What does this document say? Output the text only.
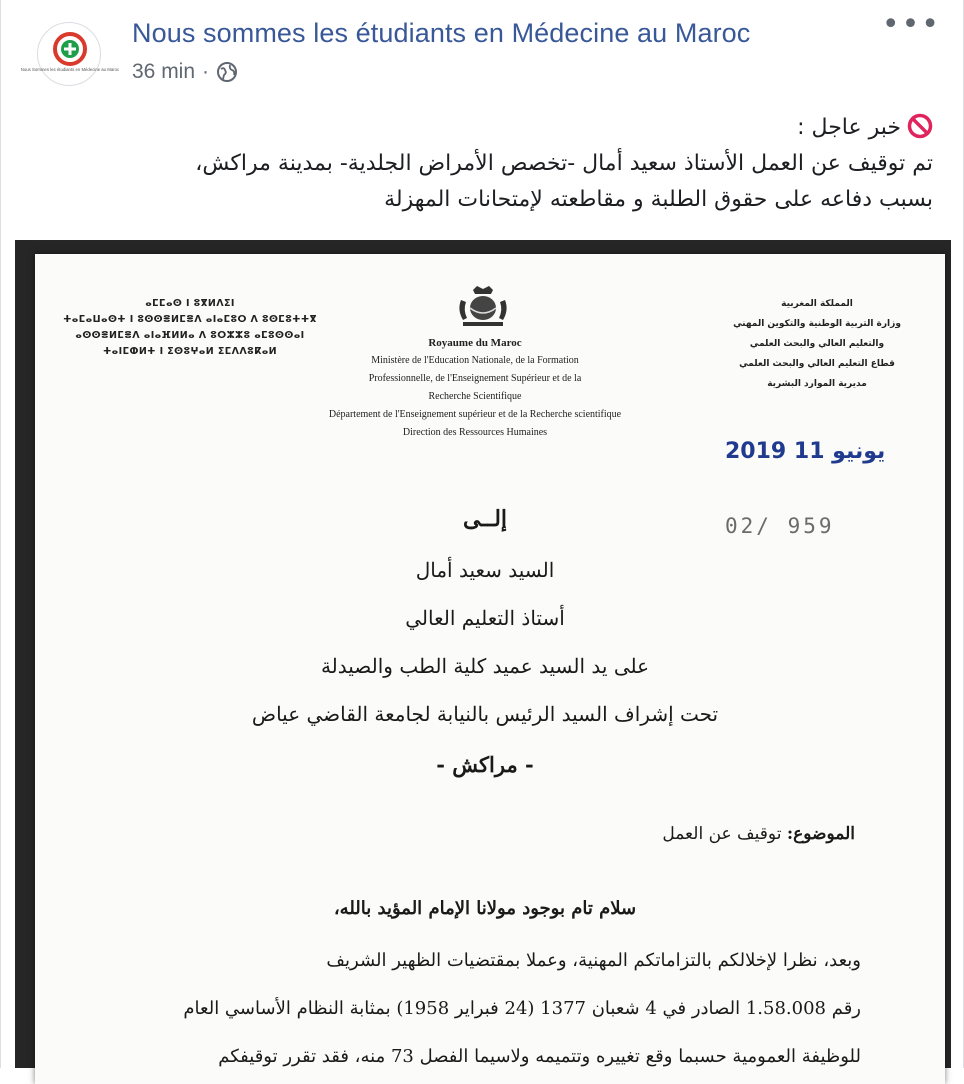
Nous Sommes les étudiants en Médecine au Maroc
Nous sommes les étudiants en Médecine au Maroc
36 min ·
•••

خبر عاجل :

تم توقيف عن العمل الأستاذ سعيد أمال -تخصص الأمراض الجلدية- بمدينة مراكش،

بسبب دفاعه على حقوق الطلبة و مقاطعته لإمتحانات المهزلة

ⴰⵎⵎⴰⵙ ⵏ ⵓⴳⵍⴷⵉⵏ
ⵜⴰⵎⴰⵡⴰⵙⵜ ⵏ ⵓⵙⵙⴻⵍⵎⴻⴷ ⴰⵏⴰⵎⵓⵔ ⴷ ⵓⵙⵎⵓⵜⵜⴳ
ⴰⵙⵙⴻⵍⵎⴻⴷ ⴰⵏⴰⴼⵍⵍⴰ ⴷ ⵓⵔⵣⵣⵓ ⴰⵎⵓⵙⵙⴰⵏ
ⵜⴰⵏⵎⵀⵍⵜ ⵏ ⵉⵙⵓⵖⴰⵍ ⵉⵎⴷⴷⵓⴽⴰⵍ
Royaume du Maroc
Ministère de l'Education Nationale, de la Formation
Professionnelle, de l'Enseignement Supérieur et de la
Recherche Scientifique
Département de l'Enseignement supérieur et de la Recherche scientifique
Direction des Ressources Humaines
المملكة المغربية
وزارة التربية الوطنية والتكوين المهني
والتعليم العالي والبحث العلمي
قطاع التعليم العالي والبحث العلمي
مديرية الموارد البشرية
2019 يونيو 11
02/ 959
إلــى
السيد سعيد أمال
أستاذ التعليم العالي
على يد السيد عميد كلية الطب والصيدلة
تحت إشراف السيد الرئيس بالنيابة لجامعة القاضي عياض
- مراكش -
الموضوع: توقيف عن العمل
سلام تام بوجود مولانا الإمام المؤيد بالله،
وبعد، نظرا لإخلالكم بالتزاماتكم المهنية، وعملا بمقتضيات الظهير الشريف
رقم 1.58.008 الصادر في 4 شعبان 1377 (24 فبراير 1958) بمثابة النظام الأساسي العام
للوظيفة العمومية حسبما وقع تغييره وتتميمه ولاسيما الفصل 73 منه، فقد تقرر توقيفكم
